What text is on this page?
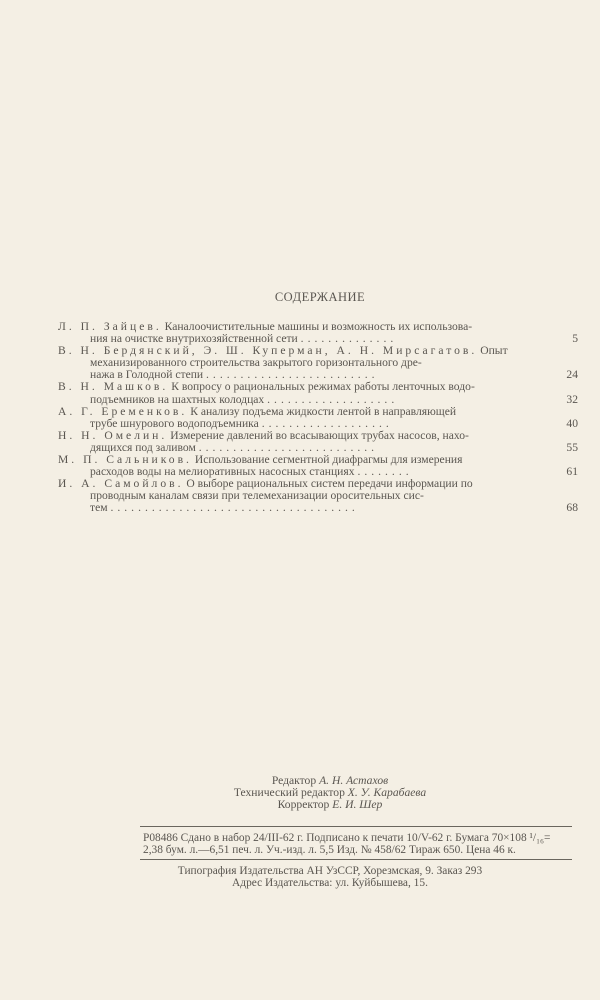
СОДЕРЖАНИЕ
Л. П. Зайцев. Каналоочистительные машины и возможность их использова-
ния на очистке внутрихозяйственной сети ..............	5
В. Н. Бердянский, Э. Ш. Куперман, А. Н. Мирсагатов. Опыт
механизированного строительства закрытого горизонтального дре-
нажа в Голодной степи .........................	24
В. Н. Машков. К вопросу о рациональных режимах работы ленточных водо-
подъемников на шахтных колодцах ...................	32
А. Г. Еременков. К анализу подъема жидкости лентой в направляющей
трубе шнурового водоподъемника ...................	40
Н. Н. Омелин. Измерение давлений во всасывающих трубах насосов, нахо-
дящихся под заливом ..........................	55
М. П. Сальников. Использование сегментной диафрагмы для измерения
расходов воды на мелиоративных насосных станциях ........	61
И. А. Самойлов. О выборе рациональных систем передачи информации по
проводным каналам связи при телемеханизации оросительных сис-
тем ....................................	68
Редактор А. Н. Астахов
Технический редактор Х. У. Карабаева
Корректор Е. И. Шер
Р08486 Сдано в набор 24/III-62 г. Подписано к печати 10/V-62 г. Бумага 70×108 ¹/₁₆=
2,38 бум. л.—6,51 печ. л. Уч.-изд. л. 5,5 Изд. № 458/62 Тираж 650. Цена 46 к.
Типография Издательства АН УзССР, Хорезмская, 9. Заказ 293
Адрес Издательства: ул. Куйбышева, 15.
